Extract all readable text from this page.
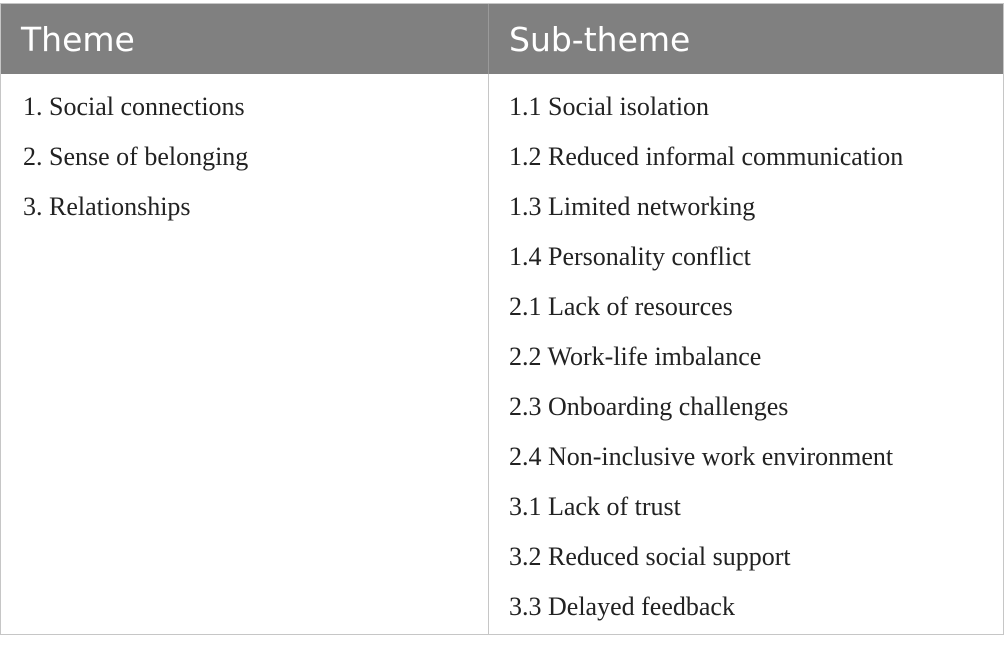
Theme	Sub-theme
1. Social connections
2. Sense of belonging
3. Relationships
1.1 Social isolation
1.2 Reduced informal communication
1.3 Limited networking
1.4 Personality conflict
2.1 Lack of resources
2.2 Work-life imbalance
2.3 Onboarding challenges
2.4 Non-inclusive work environment
3.1 Lack of trust
3.2 Reduced social support
3.3 Delayed feedback
